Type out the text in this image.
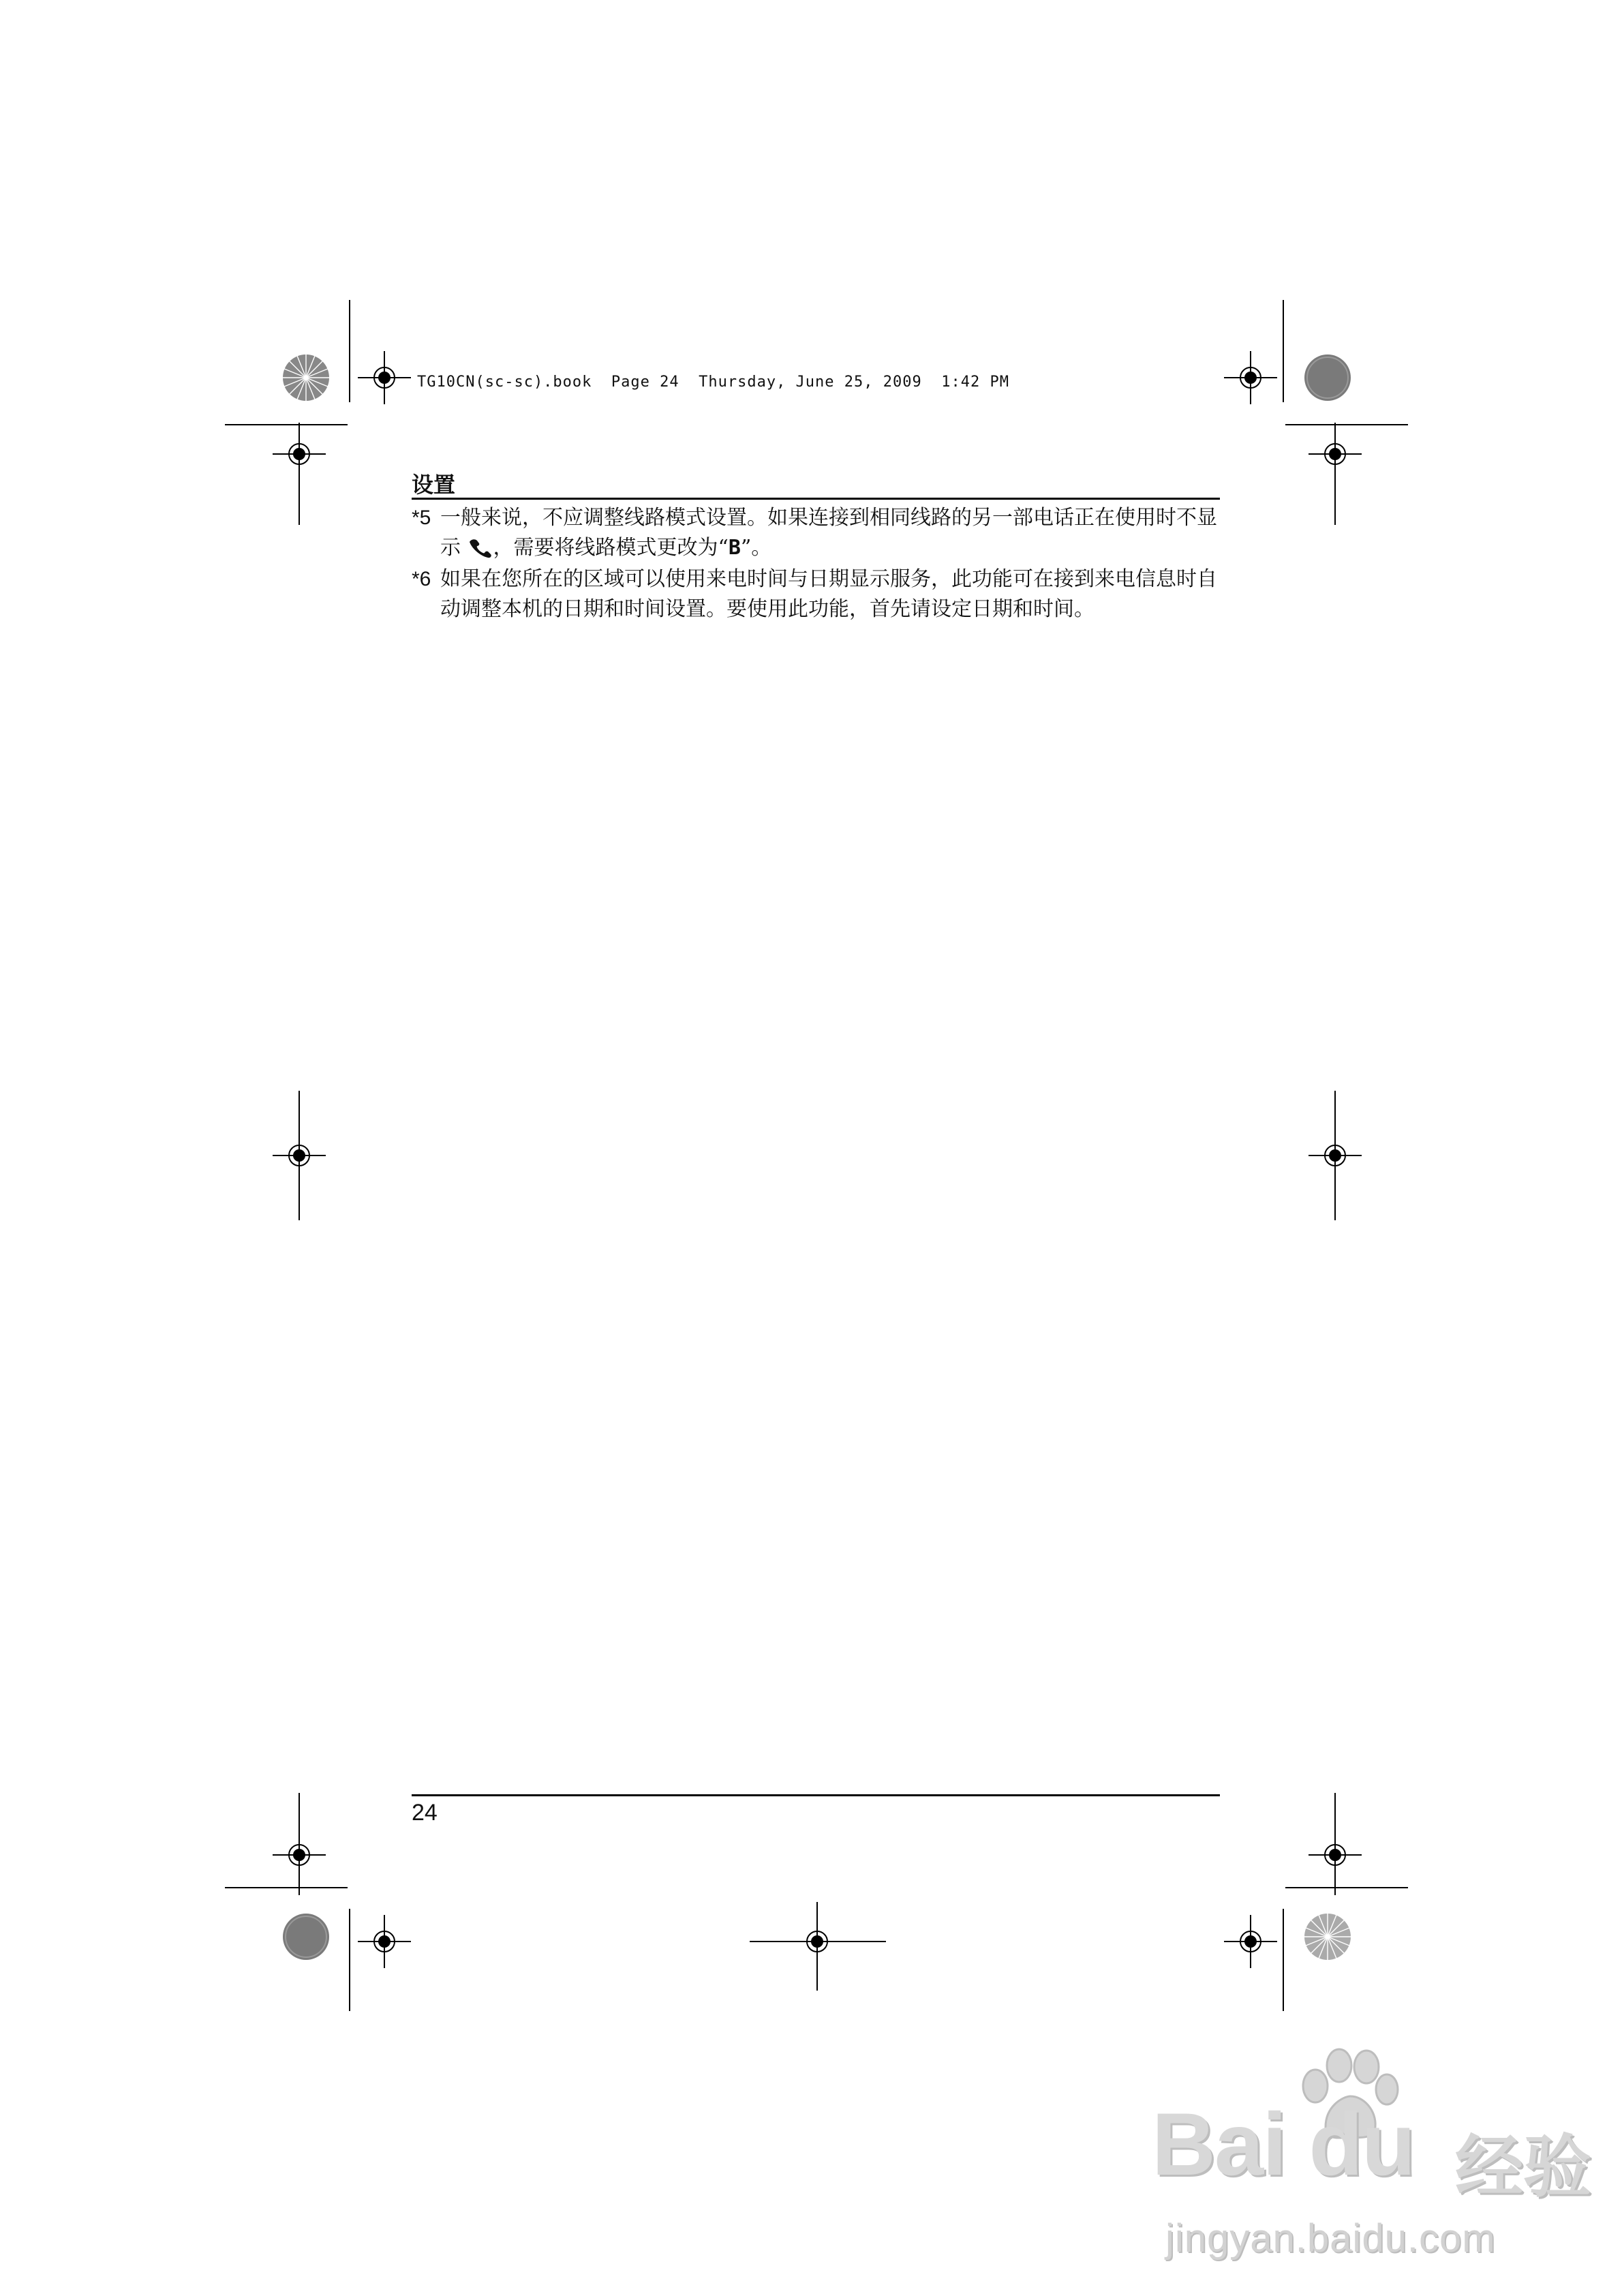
TG10CN(sc-sc).book  Page 24  Thursday, June 25, 2009  1:42 PM
设置
*5 一般来说，不应调整线路模式设置。如果连接到相同线路的另一部电话正在使用时不显示 ，需要将线路模式更改为“B”。
*6 如果在您所在的区域可以使用来电时间与日期显示服务，此功能可在接到来电信息时自动调整本机的日期和时间设置。要使用此功能，首先请设定日期和时间。
24
Bai du 经验
jingyan.baidu.com
